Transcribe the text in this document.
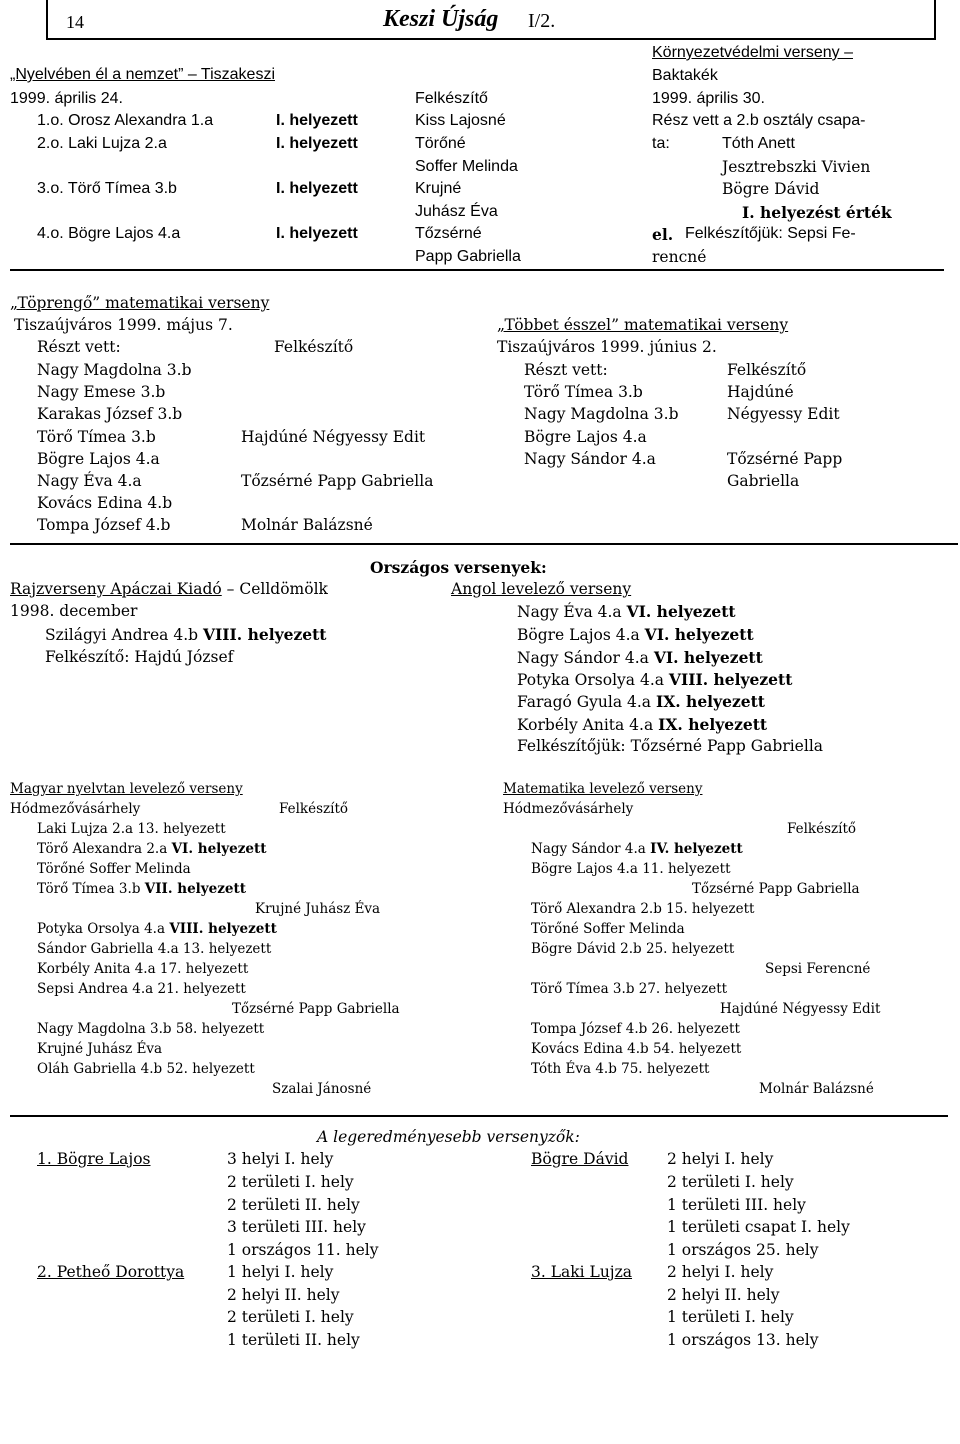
14	Keszi Újság I/2.
„Nyelvében él a nemzet” – Tiszakeszi
1999. április 24.	Felkészítő
1.o. Orosz Alexandra 1.a	I. helyezett	Kiss Lajosné
2.o. Laki Lujza 2.a	I. helyezett	Törőné
Soffer Melinda
3.o. Törő Tímea 3.b	I. helyezett	Krujné
Juhász Éva
4.o. Bögre Lajos 4.a	I. helyezett	Tőzsérné
Papp Gabriella
Környezetvédelmi verseny –
Baktakék
1999. április 30.
Rész vett a 2.b osztály csapa-
ta:	Tóth Anett
Jesztrebszki Vivien
Bögre Dávid
I. helyezést érték
el. Felkészítőjük: Sepsi Fe-
rencné
„Töprengő” matematikai verseny
Tiszaújváros 1999. május 7.
Részt vett:	Felkészítő
Nagy Magdolna 3.b
Nagy Emese 3.b
Karakas József 3.b
Törő Tímea 3.b	Hajdúné Négyessy Edit
Bögre Lajos 4.a
Nagy Éva 4.a	Tőzsérné Papp Gabriella
Kovács Edina 4.b
Tompa József 4.b	Molnár Balázsné
„Többet ésszel” matematikai verseny
Tiszaújváros 1999. június 2.
Részt vett:	Felkészítő
Törő Tímea 3.b	Hajdúné
Nagy Magdolna 3.b	Négyessy Edit
Bögre Lajos 4.a
Nagy Sándor 4.a	Tőzsérné Papp
Gabriella
Országos versenyek:
Rajzverseny Apáczai Kiadó – Celldömölk
1998. december
Szilágyi Andrea 4.b VIII. helyezett
Felkészítő: Hajdú József
Angol levelező verseny
Nagy Éva 4.a VI. helyezett
Bögre Lajos 4.a VI. helyezett
Nagy Sándor 4.a VI. helyezett
Potyka Orsolya 4.a VIII. helyezett
Faragó Gyula 4.a IX. helyezett
Korbély Anita 4.a IX. helyezett
Felkészítőjük: Tőzsérné Papp Gabriella
Magyar nyelvtan levelező verseny
Hódmezővásárhely	Felkészítő
Laki Lujza 2.a 13. helyezett
Törő Alexandra 2.a VI. helyezett
Törőné Soffer Melinda
Törő Tímea 3.b VII. helyezett
Krujné Juhász Éva
Potyka Orsolya 4.a VIII. helyezett
Sándor Gabriella 4.a 13. helyezett
Korbély Anita 4.a 17. helyezett
Sepsi Andrea 4.a 21. helyezett
Tőzsérné Papp Gabriella
Nagy Magdolna 3.b 58. helyezett
Krujné Juhász Éva
Oláh Gabriella 4.b 52. helyezett
Szalai Jánosné
Matematika levelező verseny
Hódmezővásárhely
Felkészítő
Nagy Sándor 4.a IV. helyezett
Bögre Lajos 4.a 11. helyezett
Tőzsérné Papp Gabriella
Törő Alexandra 2.b 15. helyezett
Törőné Soffer Melinda
Bögre Dávid 2.b 25. helyezett
Sepsi Ferencné
Törő Tímea 3.b 27. helyezett
Hajdúné Négyessy Edit
Tompa József 4.b 26. helyezett
Kovács Edina 4.b 54. helyezett
Tóth Éva 4.b 75. helyezett
Molnár Balázsné
A legeredményesebb versenyzők:
1. Bögre Lajos	3 helyi I. hely
2 területi I. hely
2 területi II. hely
3 területi III. hely
1 országos 11. hely
Bögre Dávid 2 helyi I. hely
2 területi I. hely
1 területi III. hely
1 területi csapat I. hely
1 országos 25. hely
2. Petheő Dorottya	1 helyi I. hely
2 helyi II. hely
2 területi I. hely
1 területi II. hely
3. Laki Lujza 2 helyi I. hely
2 helyi II. hely
1 területi I. hely
1 országos 13. hely
